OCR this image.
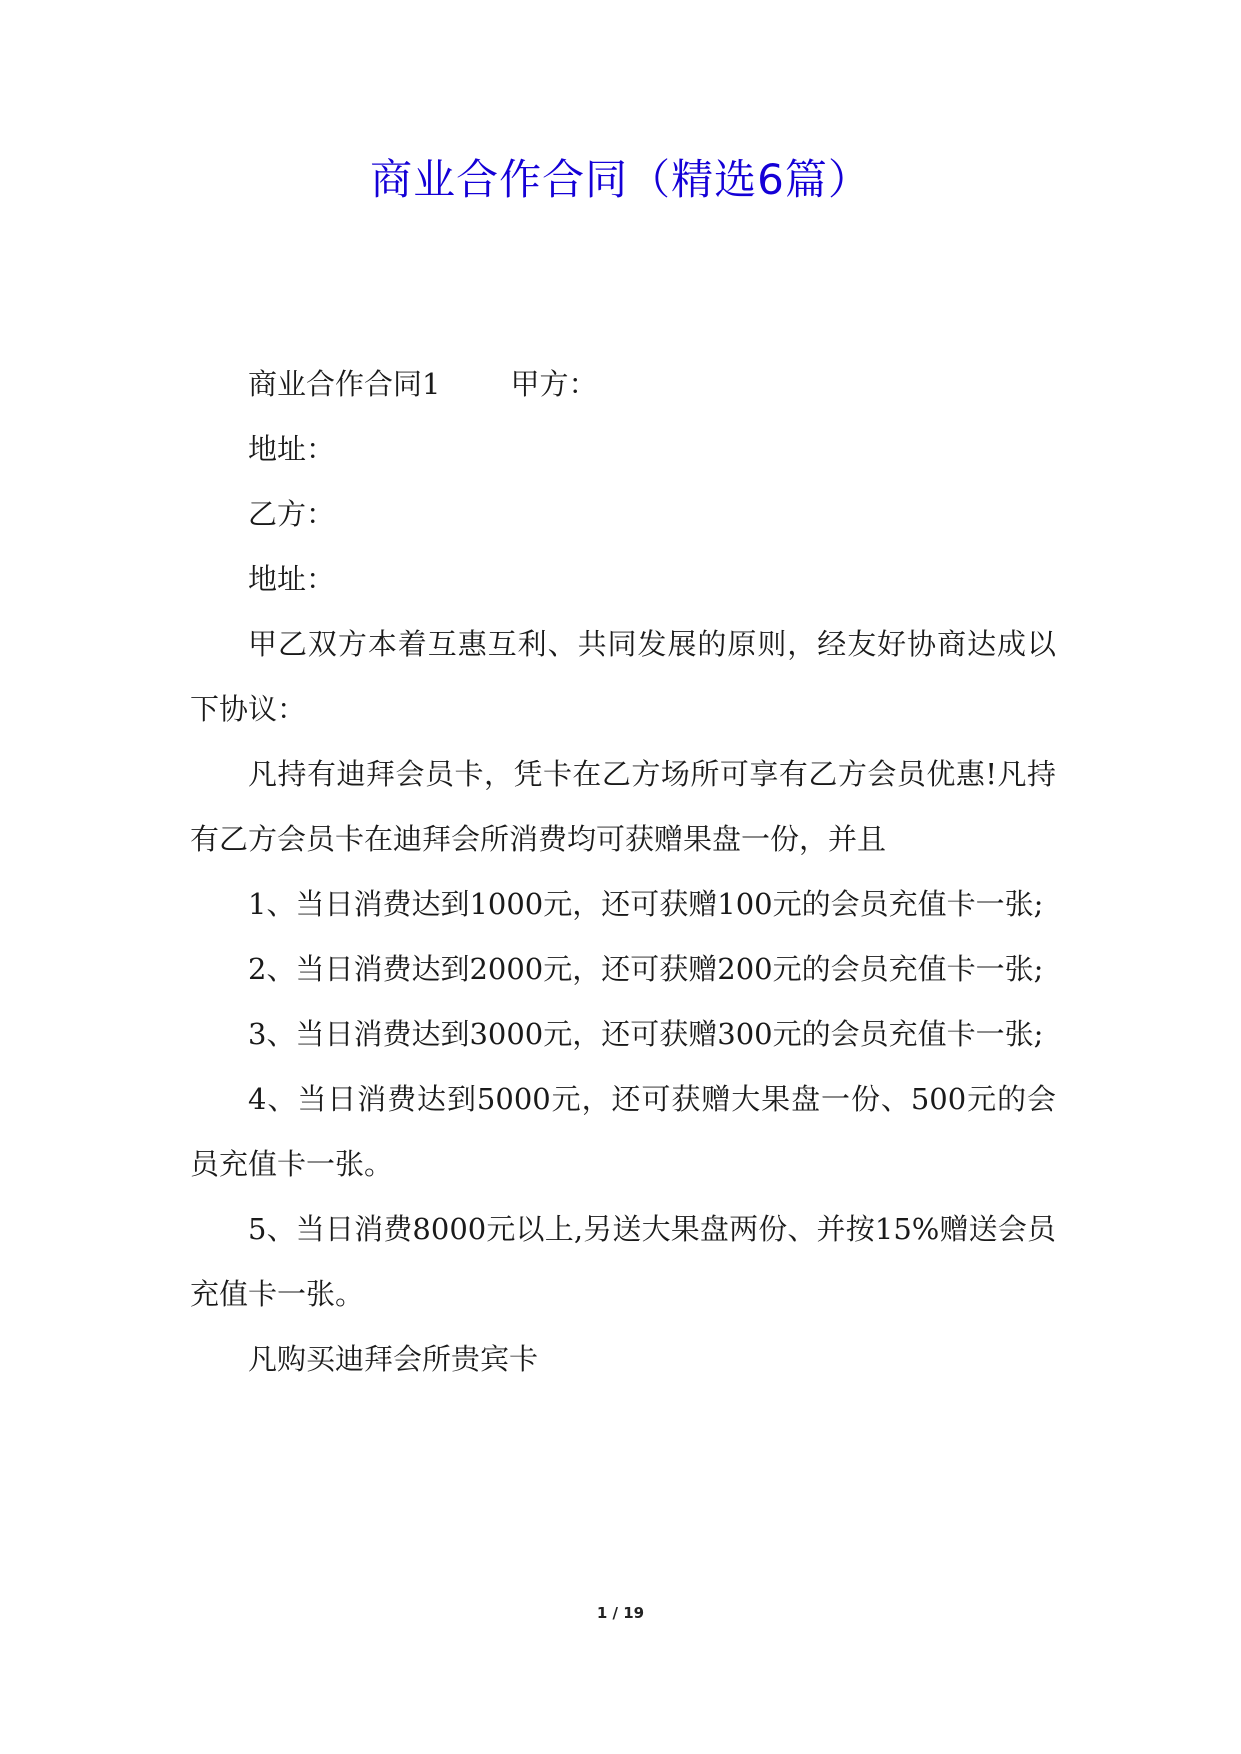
商业合作合同（精选6篇）

商业合作合同1 甲方：

地址：

乙方：

地址：

甲乙双方本着互惠互利、共同发展的原则，经友好协商达成以下协议：

凡持有迪拜会员卡，凭卡在乙方场所可享有乙方会员优惠!凡持有乙方会员卡在迪拜会所消费均可获赠果盘一份，并且

1、当日消费达到1000元，还可获赠100元的会员充值卡一张;

2、当日消费达到2000元，还可获赠200元的会员充值卡一张;

3、当日消费达到3000元，还可获赠300元的会员充值卡一张;

4、当日消费达到5000元，还可获赠大果盘一份、500元的会员充值卡一张。

5、当日消费8000元以上,另送大果盘两份、并按15%赠送会员充值卡一张。

凡购买迪拜会所贵宾卡

1 / 19
